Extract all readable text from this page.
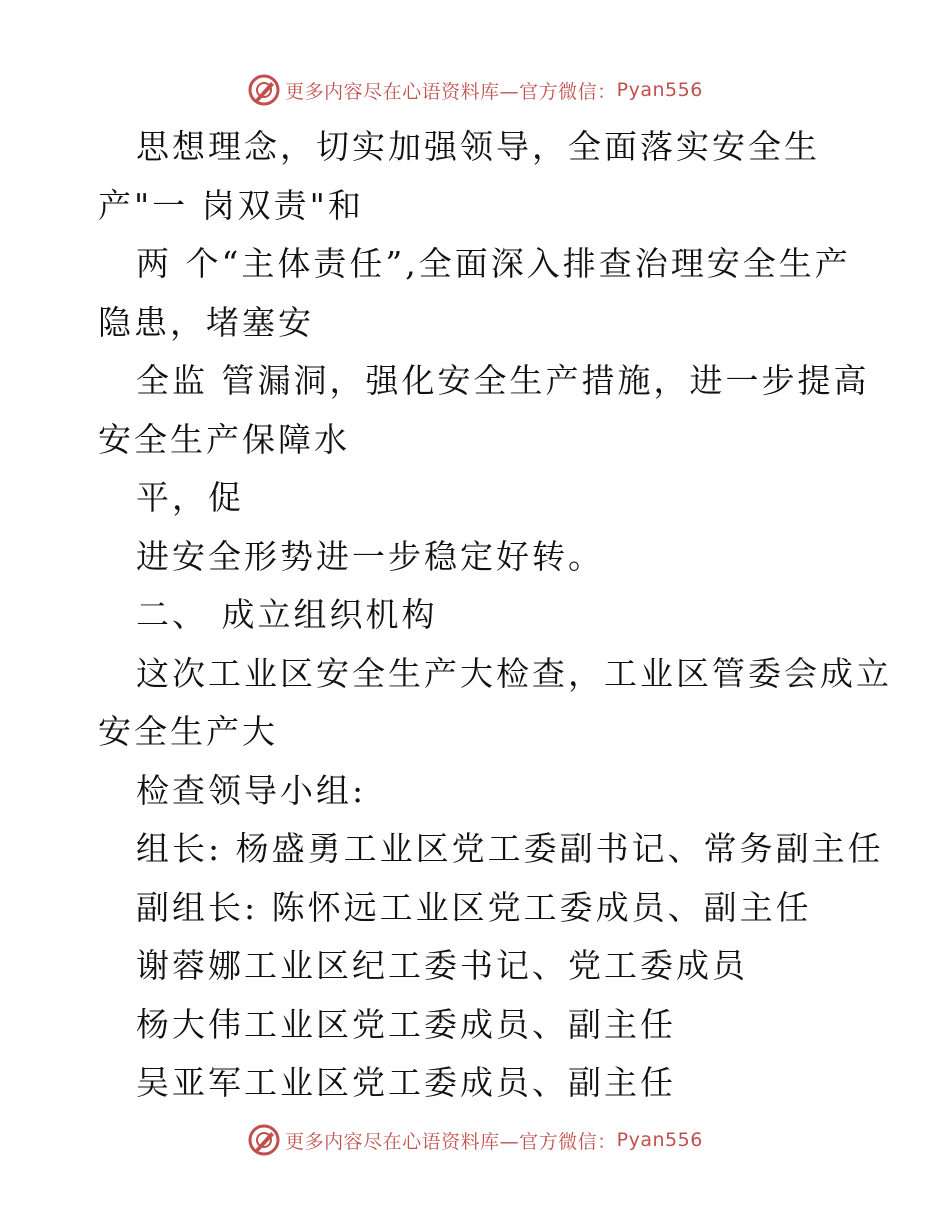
更多内容尽在心语资料库—官方微信： Pyan556
思想理念，切实加强领导，全面落实安全生
产"一 岗双责"和
两 个“主体责任”,全面深入排查治理安全生产
隐患，堵塞安
全监 管漏洞，强化安全生产措施，进一步提高
安全生产保障水
平，促
进安全形势进一步稳定好转。
二、 成立组织机构
这次工业区安全生产大检查，工业区管委会成立
安全生产大
检查领导小组:
组长: 杨盛勇工业区党工委副书记、常务副主任
副组长: 陈怀远工业区党工委成员、副主任
谢蓉娜工业区纪工委书记、党工委成员
杨大伟工业区党工委成员、副主任
吴亚军工业区党工委成员、副主任
更多内容尽在心语资料库—官方微信： Pyan556
